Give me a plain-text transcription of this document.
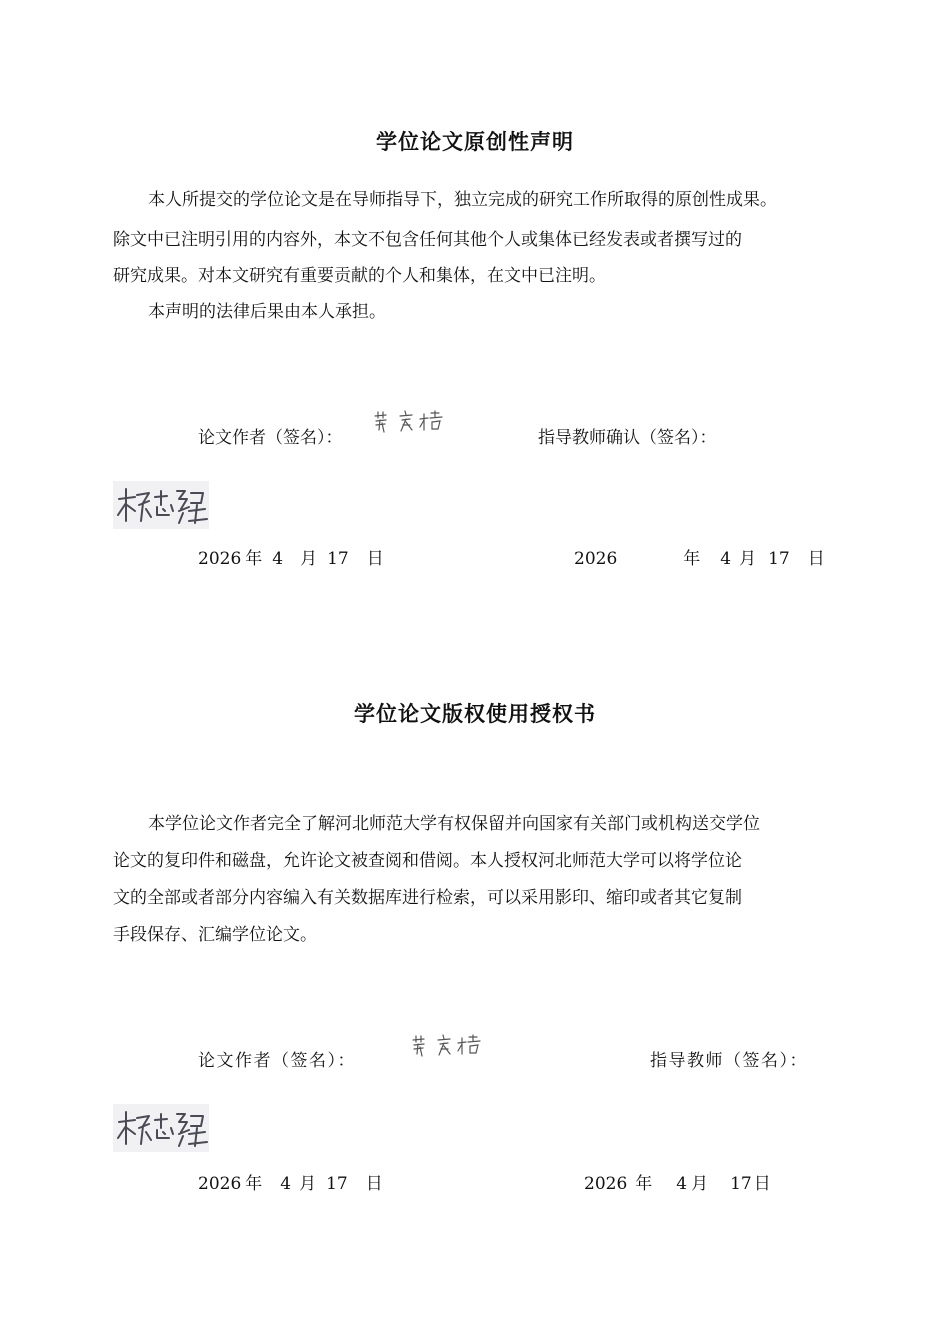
学位论文原创性声明
本人所提交的学位论文是在导师指导下，独立完成的研究工作所取得的原创性成果。
除文中已注明引用的内容外，本文不包含任何其他个人或集体已经发表或者撰写过的
研究成果。对本文研究有重要贡献的个人和集体，在文中已注明。
本声明的法律后果由本人承担。
论文作者（签名）：	指导教师确认（签名）：
2026 年 4 月 17 日	2026	年 4 月 17 日
学位论文版权使用授权书
本学位论文作者完全了解河北师范大学有权保留并向国家有关部门或机构送交学位
论文的复印件和磁盘，允许论文被查阅和借阅。本人授权河北师范大学可以将学位论
文的全部或者部分内容编入有关数据库进行检索，可以采用影印、缩印或者其它复制
手段保存、汇编学位论文。
论文作者（签名）：	指导教师（签名）：
2026 年 4 月 17 日	2026 年 4 月 17 日
